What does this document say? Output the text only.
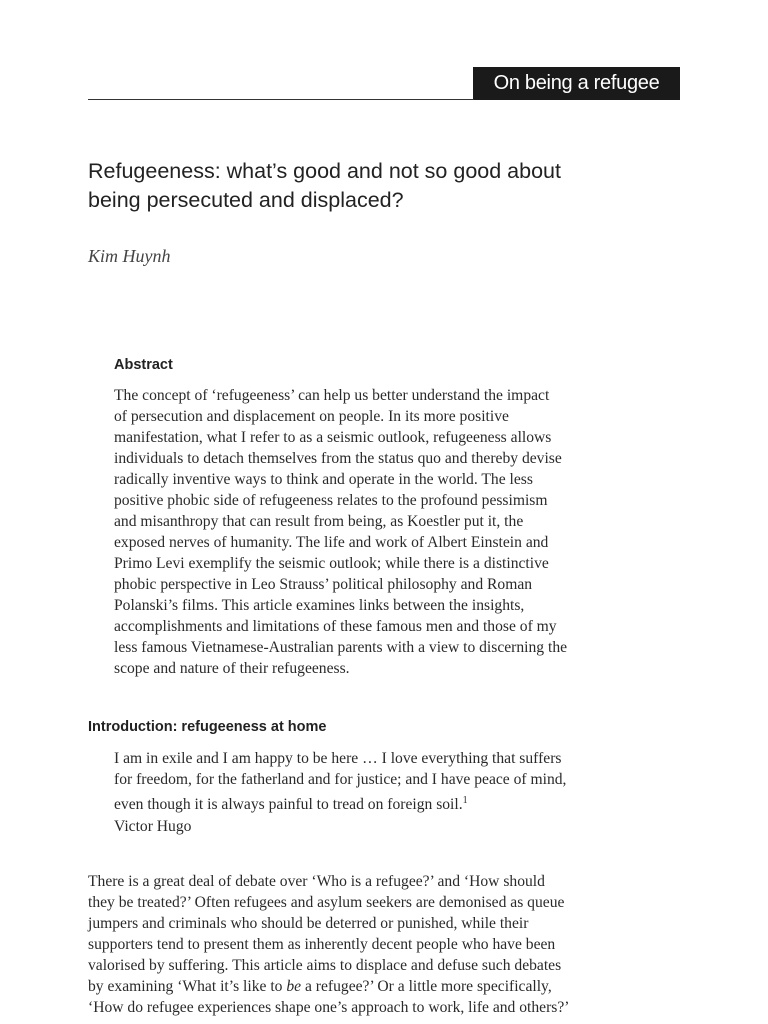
On being a refugee
Refugeeness: what’s good and not so good about
being persecuted and displaced?

Kim Huynh

Abstract

The concept of ‘refugeeness’ can help us better understand the impact
of persecution and displacement on people. In its more positive
manifestation, what I refer to as a seismic outlook, refugeeness allows
individuals to detach themselves from the status quo and thereby devise
radically inventive ways to think and operate in the world. The less
positive phobic side of refugeeness relates to the profound pessimism
and misanthropy that can result from being, as Koestler put it, the
exposed nerves of humanity. The life and work of Albert Einstein and
Primo Levi exemplify the seismic outlook; while there is a distinctive
phobic perspective in Leo Strauss’ political philosophy and Roman
Polanski’s films. This article examines links between the insights,
accomplishments and limitations of these famous men and those of my
less famous Vietnamese-Australian parents with a view to discerning the
scope and nature of their refugeeness.

Introduction: refugeeness at home

I am in exile and I am happy to be here … I love everything that suffers
for freedom, for the fatherland and for justice; and I have peace of mind,
even though it is always painful to tread on foreign soil.$^1$

Victor Hugo

There is a great deal of debate over ‘Who is a refugee?’ and ‘How should
they be treated?’ Often refugees and asylum seekers are demonised as queue
jumpers and criminals who should be deterred or punished, while their
supporters tend to present them as inherently decent people who have been
valorised by suffering. This article aims to displace and defuse such debates
by examining ‘What it’s like to be a refugee?’ Or a little more specifically,
‘How do refugee experiences shape one’s approach to work, life and others?’
